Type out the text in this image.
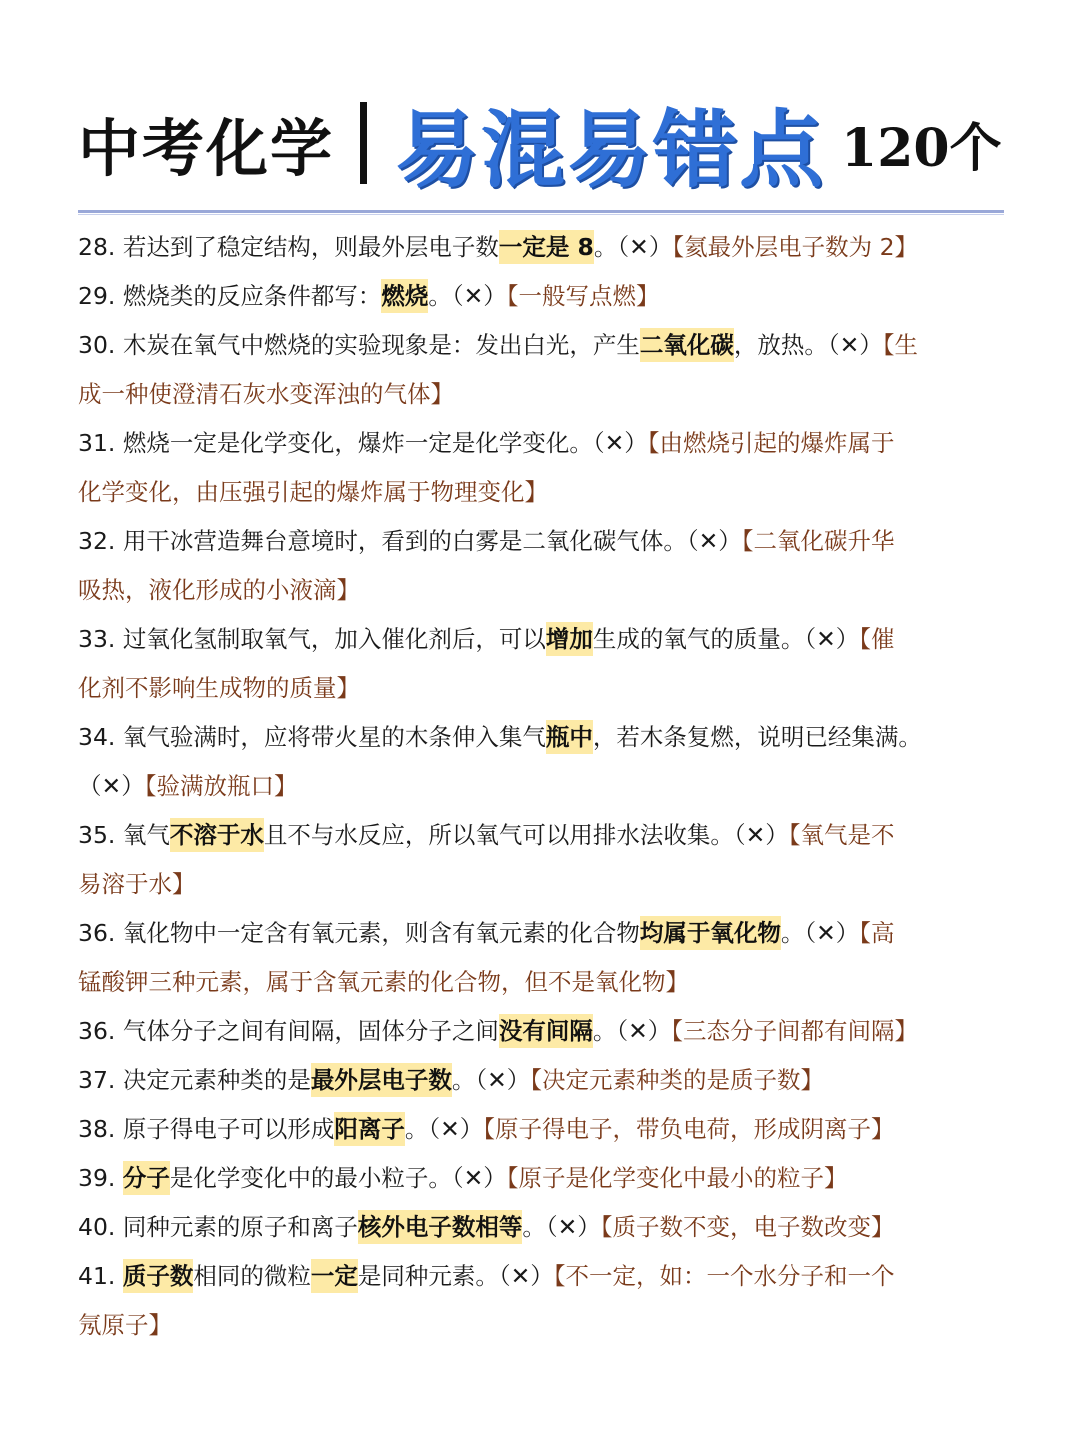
中考化学 易混易错点 120个
28. 若达到了稳定结构，则最外层电子数一定是 8。（✕）【氦最外层电子数为 2】
29. 燃烧类的反应条件都写：燃烧。（✕）【一般写点燃】
30. 木炭在氧气中燃烧的实验现象是：发出白光，产生二氧化碳，放热。（✕）【生
成一种使澄清石灰水变浑浊的气体】
31. 燃烧一定是化学变化，爆炸一定是化学变化。（✕）【由燃烧引起的爆炸属于
化学变化，由压强引起的爆炸属于物理变化】
32. 用干冰营造舞台意境时，看到的白雾是二氧化碳气体。（✕）【二氧化碳升华
吸热，液化形成的小液滴】
33. 过氧化氢制取氧气，加入催化剂后，可以增加生成的氧气的质量。（✕）【催
化剂不影响生成物的质量】
34. 氧气验满时，应将带火星的木条伸入集气瓶中，若木条复燃，说明已经集满。
（✕）【验满放瓶口】
35. 氧气不溶于水且不与水反应，所以氧气可以用排水法收集。（✕）【氧气是不
易溶于水】
36. 氧化物中一定含有氧元素，则含有氧元素的化合物均属于氧化物。（✕）【高
锰酸钾三种元素，属于含氧元素的化合物，但不是氧化物】
36. 气体分子之间有间隔，固体分子之间没有间隔。（✕）【三态分子间都有间隔】
37. 决定元素种类的是最外层电子数。（✕）【决定元素种类的是质子数】
38. 原子得电子可以形成阳离子。（✕）【原子得电子，带负电荷，形成阴离子】
39. 分子是化学变化中的最小粒子。（✕）【原子是化学变化中最小的粒子】
40. 同种元素的原子和离子核外电子数相等。（✕）【质子数不变，电子数改变】
41. 质子数相同的微粒一定是同种元素。（✕）【不一定，如：一个水分子和一个
氖原子】
